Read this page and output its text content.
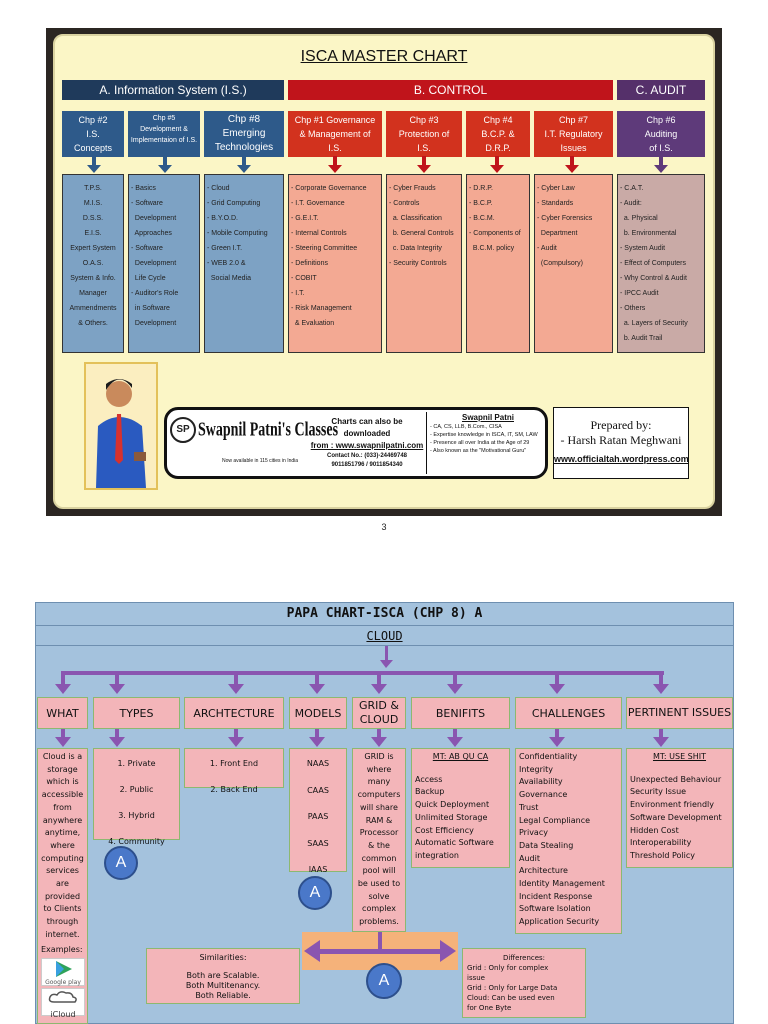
ISCA MASTER CHART
A. Information System (I.S.)	B. CONTROL	C. AUDIT
Chp #2
I.S.
Concepts
Chp #5
Development &
Implementaion of I.S.
Chp #8
Emerging
Technologies
Chp #1 Governance
& Management of
I.S.
Chp #3
Protection of
I.S.
Chp #4
B.C.P. &
D.R.P.
Chp #7
I.T. Regulatory
Issues
Chp #6
Auditing
of I.S.
T.P.S.
M.I.S.
D.S.S.
E.I.S.
Expert System
O.A.S.
System & Info.
Manager
Ammendments
& Others.
- Basics
- Software
Development
Approaches
- Software
Development
Life Cycle
- Auditor's Role
in Software
Development
- Cloud
- Grid Computing
- B.Y.O.D.
- Mobile Computing
- Green I.T.
- WEB 2.0 &
Social Media
- Corporate Governance
- I.T. Governance
- G.E.I.T.
- Internal Controls
- Steering Committee
- Definitions
- COBIT
- I.T.
- Risk Management
& Evaluation
- Cyber Frauds
- Controls
a. Classification
b. General Controls
c. Data Integrity
- Security Controls
- D.R.P.
- B.C.P.
- B.C.M.
- Components of
B.C.M. policy
- Cyber Law
- Standards
- Cyber Forensics
Department
- Audit
(Compulsory)
- C.A.T.
- Audit:
a. Physical
b. Environmental
- System Audit
- Effect of Computers
- Why Control & Audit
- IPCC Audit
- Others
a. Layers of Security
b. Audit Trail
SP Swapnil Patni's Classes
Now available in 115 cities in India
Charts can also be downloaded
from : www.swapnilpatni.com
Contact No.: (033)-24469748
9011851796 / 9011854340
Swapnil Patni
- CA, CS, LLB, B.Com., CISA
- Expertise knowledge in ISCA, IT, SM, LAW
- Presence all over India at the Age of 29
- Also known as the "Motivational Guru"
Prepared by:
- Harsh Ratan Meghwani
www.officialtah.wordpress.com
3
PAPA CHART-ISCA (CHP 8) A
CLOUD
WHAT	TYPES	ARCHTECTURE	MODELS
GRID & CLOUD	BENIFITS	CHALLENGES	PERTINENT ISSUES
Cloud is a
storage
which is
accessible
from
anywhere
anytime,
where
computing
services
are
provided
to Clients
through
internet.
Examples:
Google play
iCloud
1. Private
2. Public
3. Hybrid
4. Community
1. Front End
2. Back End
NAAS
CAAS
PAAS
SAAS
IAAS
GRID is
where
many
computers
will share
RAM &
Processor
& the
common
pool will
be used to
solve
complex
problems.
MT: AB QU CA
Access
Backup
Quick Deployment
Unlimited Storage
Cost Efficiency
Automatic Software
integration
Confidentiality
Integrity
Availability
Governance
Trust
Legal Compliance
Privacy
Data Stealing
Audit
Architecture
Identity Management
Incident Response
Software Isolation
Application Security
MT: USE SHIT
Unexpected Behaviour
Security Issue
Environment friendly
Software Development
Hidden Cost
Interoperability
Threshold Policy
A
A
Similarities:
Both are Scalable.
Both Multitenancy.
Both Reliable.
A
Differences:
Grid : Only for complex
issue
Grid : Only for Large Data
Cloud: Can be used even
for One Byte
